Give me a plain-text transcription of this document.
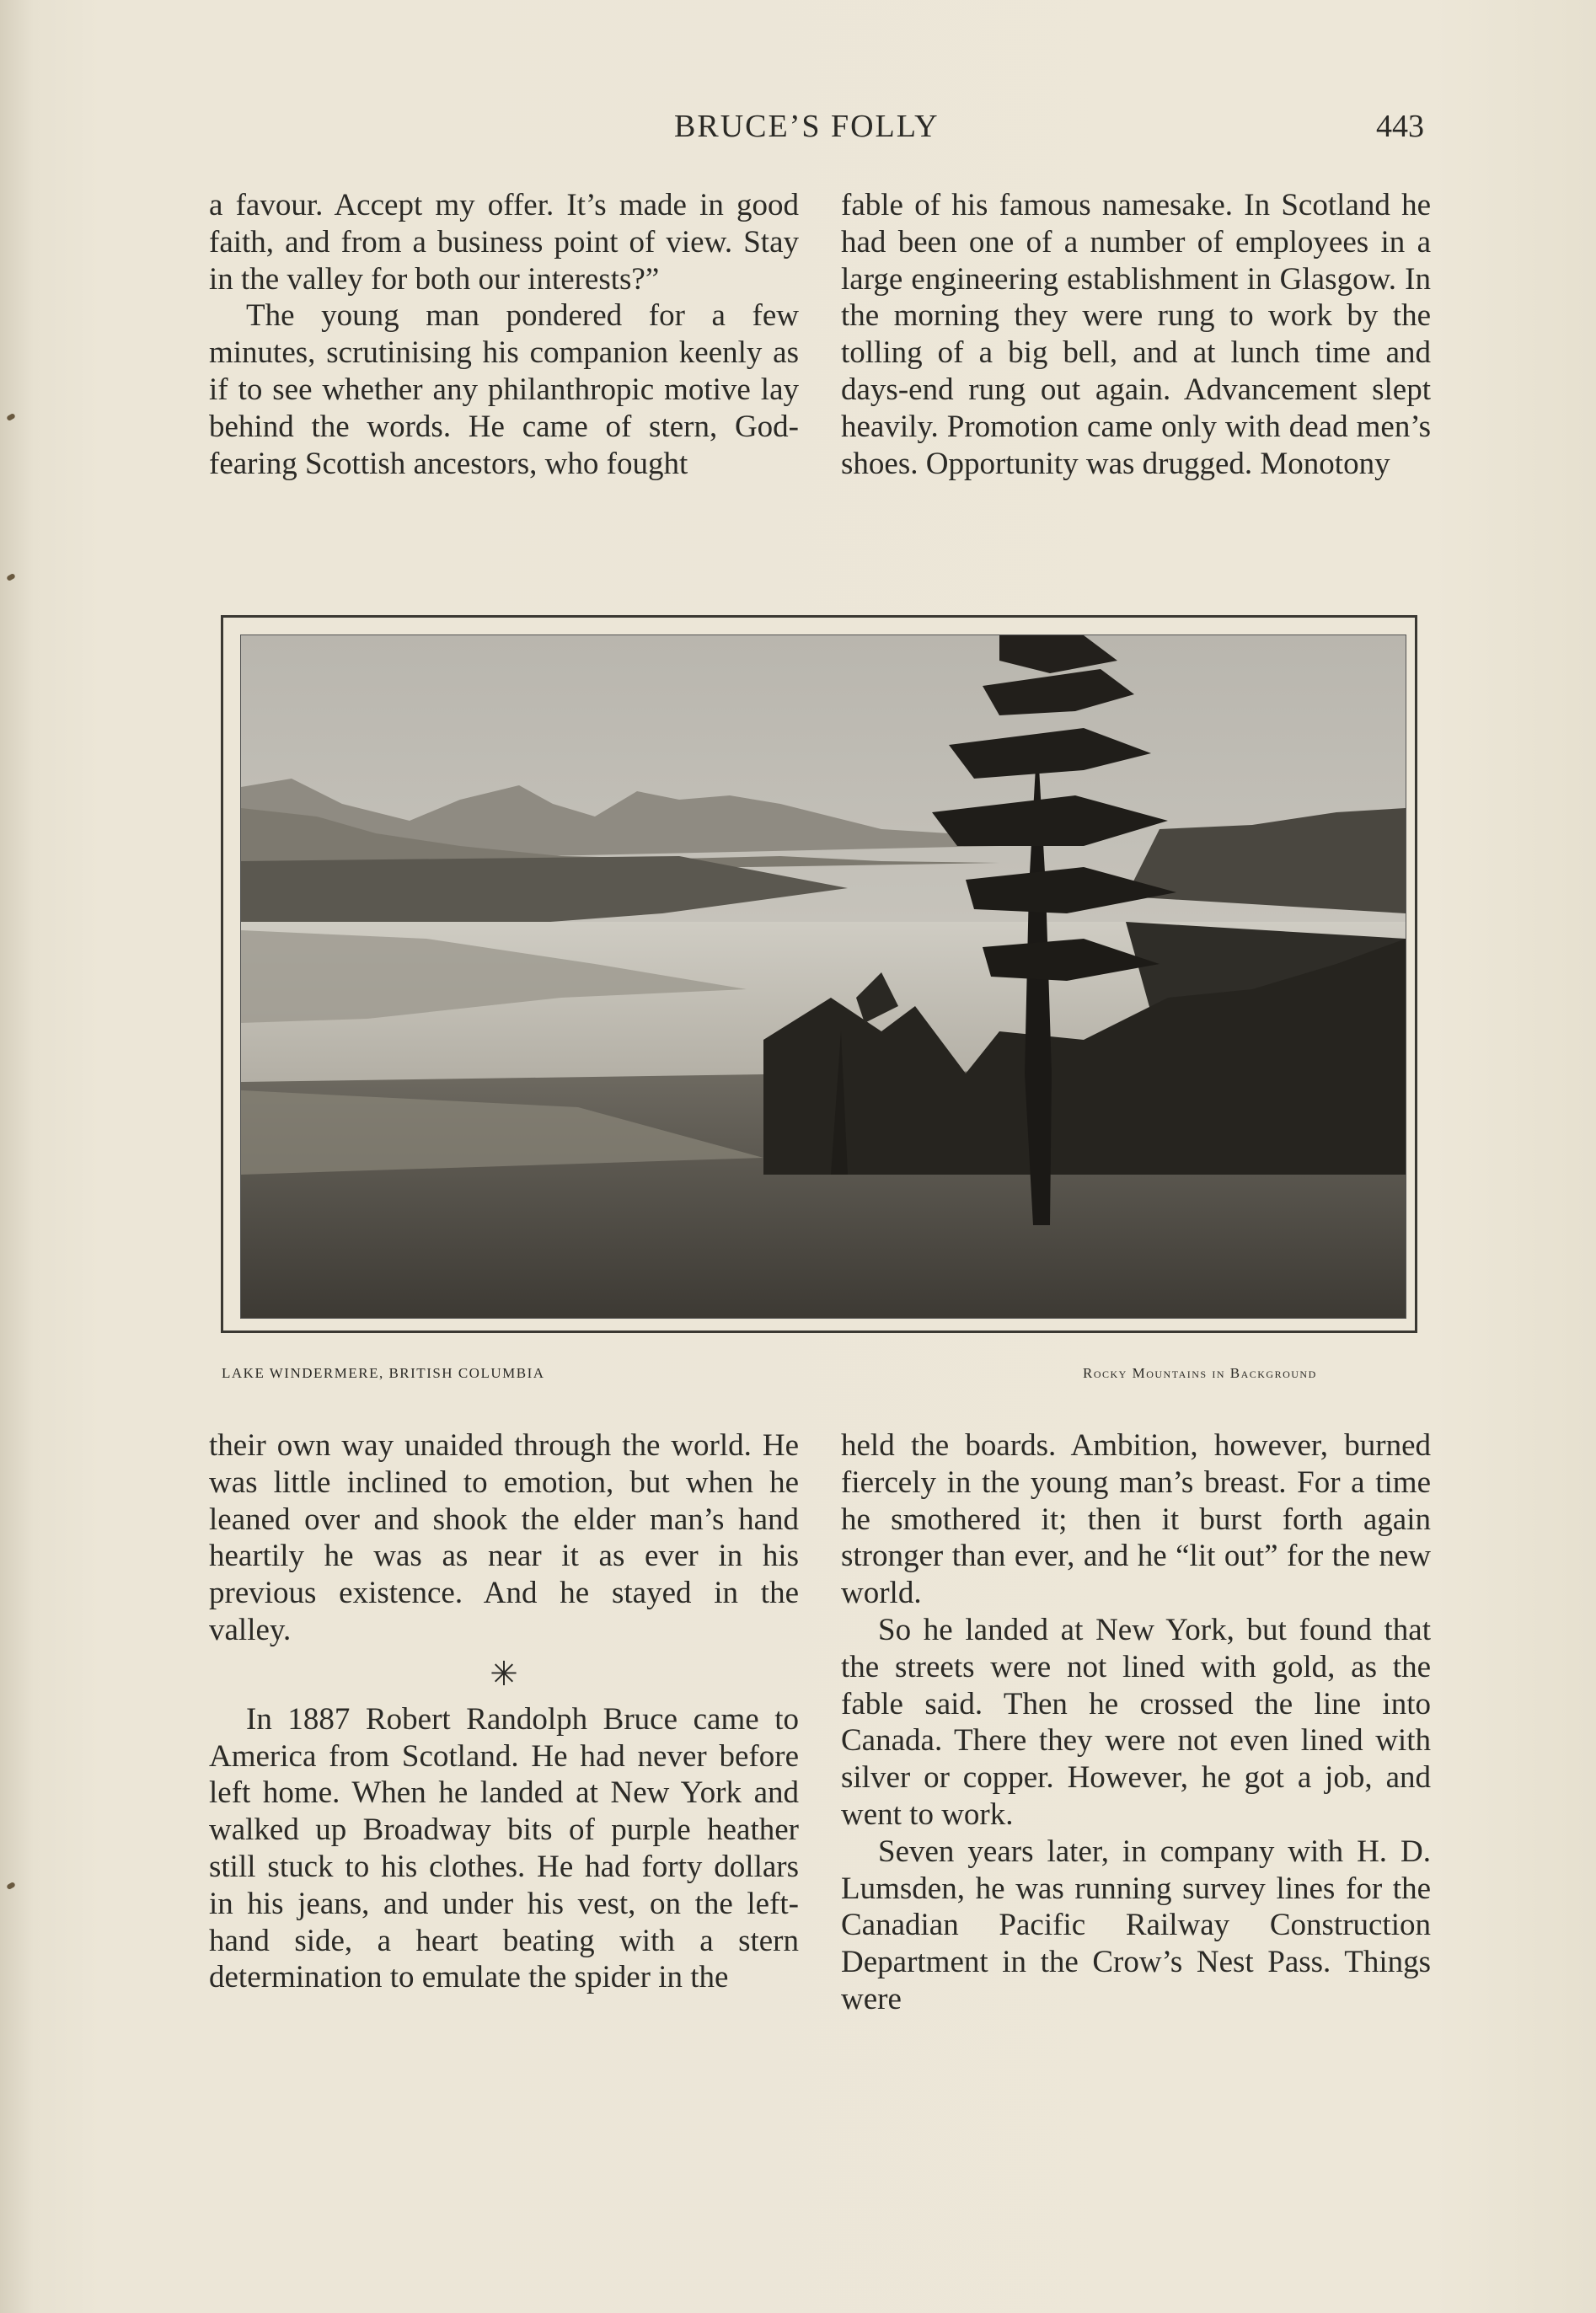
BRUCE’S FOLLY	443

a favour. Accept my offer. It’s made in good faith, and from a business point of view. Stay in the valley for both our interests?”

The young man pondered for a few minutes, scrutinising his companion keenly as if to see whether any philanthropic motive lay behind the words. He came of stern, God-fearing Scottish ancestors, who fought

fable of his famous namesake. In Scotland he had been one of a number of employees in a large engineering establishment in Glasgow. In the morning they were rung to work by the tolling of a big bell, and at lunch time and days-end rung out again. Advancement slept heavily. Promotion came only with dead men’s shoes. Opportunity was drugged. Monotony

LAKE WINDERMERE, BRITISH COLUMBIA	Rocky Mountains in Background

their own way unaided through the world. He was little inclined to emotion, but when he leaned over and shook the elder man’s hand heartily he was as near it as ever in his previous existence. And he stayed in the valley.

✳

In 1887 Robert Randolph Bruce came to America from Scotland. He had never before left home. When he landed at New York and walked up Broadway bits of purple heather still stuck to his clothes. He had forty dollars in his jeans, and under his vest, on the left-hand side, a heart beating with a stern determination to emulate the spider in the

held the boards. Ambition, however, burned fiercely in the young man’s breast. For a time he smothered it; then it burst forth again stronger than ever, and he “lit out” for the new world.

So he landed at New York, but found that the streets were not lined with gold, as the fable said. Then he crossed the line into Canada. There they were not even lined with silver or copper. However, he got a job, and went to work.

Seven years later, in company with H. D. Lumsden, he was running survey lines for the Canadian Pacific Railway Construction Department in the Crow’s Nest Pass. Things were
